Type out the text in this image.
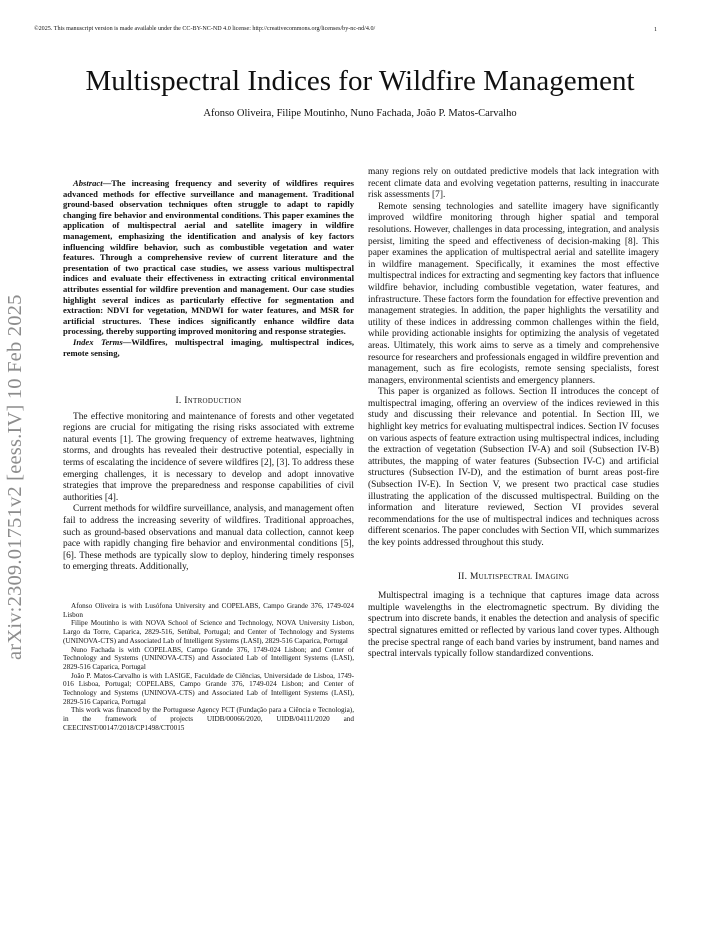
©2025. This manuscript version is made available under the CC-BY-NC-ND 4.0 license: http://creativecommons.org/licenses/by-nc-nd/4.0/	1
arXiv:2309.01751v2 [eess.IV] 10 Feb 2025
Multispectral Indices for Wildfire Management
Afonso Oliveira, Filipe Moutinho, Nuno Fachada, João P. Matos-Carvalho

Abstract—The increasing frequency and severity of wildfires requires advanced methods for effective surveillance and management. Traditional ground-based observation techniques often struggle to adapt to rapidly changing fire behavior and environmental conditions. This paper examines the application of multispectral aerial and satellite imagery in wildfire management, emphasizing the identification and analysis of key factors influencing wildfire behavior, such as combustible vegetation and water features. Through a comprehensive review of current literature and the presentation of two practical case studies, we assess various multispectral indices and evaluate their effectiveness in extracting critical environmental attributes essential for wildfire prevention and management. Our case studies highlight several indices as particularly effective for segmentation and extraction: NDVI for vegetation, MNDWI for water features, and MSR for artificial structures. These indices significantly enhance wildfire data processing, thereby supporting improved monitoring and response strategies.

Index Terms—Wildfires, multispectral imaging, multispectral indices, remote sensing,

I. Introduction

The effective monitoring and maintenance of forests and other vegetated regions are crucial for mitigating the rising risks associated with extreme natural events [1]. The growing frequency of extreme heatwaves, lightning storms, and droughts has revealed their destructive potential, especially in terms of escalating the incidence of severe wildfires [2], [3]. To address these emerging challenges, it is necessary to develop and adopt innovative strategies that improve the preparedness and response capabilities of civil authorities [4].

Current methods for wildfire surveillance, analysis, and management often fail to address the increasing severity of wildfires. Traditional approaches, such as ground-based observations and manual data collection, cannot keep pace with rapidly changing fire behavior and environmental conditions [5], [6]. These methods are typically slow to deploy, hindering timely responses to emerging threats. Additionally,

Afonso Oliveira is with Lusófona University and COPELABS, Campo Grande 376, 1749-024 Lisbon

Filipe Moutinho is with NOVA School of Science and Technology, NOVA University Lisbon, Largo da Torre, Caparica, 2829-516, Setúbal, Portugal; and Center of Technology and Systems (UNINOVA-CTS) and Associated Lab of Intelligent Systems (LASI), 2829-516 Caparica, Portugal

Nuno Fachada is with COPELABS, Campo Grande 376, 1749-024 Lisbon; and Center of Technology and Systems (UNINOVA-CTS) and Associated Lab of Intelligent Systems (LASI), 2829-516 Caparica, Portugal

João P. Matos-Carvalho is with LASIGE, Faculdade de Ciências, Universidade de Lisboa, 1749-016 Lisboa, Portugal; COPELABS, Campo Grande 376, 1749-024 Lisbon; and Center of Technology and Systems (UNINOVA-CTS) and Associated Lab of Intelligent Systems (LASI), 2829-516 Caparica, Portugal

This work was financed by the Portuguese Agency FCT (Fundação para a Ciência e Tecnologia), in the framework of projects UIDB/00066/2020, UIDB/04111/2020 and CEECINST/00147/2018/CP1498/CT0015

many regions rely on outdated predictive models that lack integration with recent climate data and evolving vegetation patterns, resulting in inaccurate risk assessments [7].

Remote sensing technologies and satellite imagery have significantly improved wildfire monitoring through higher spatial and temporal resolutions. However, challenges in data processing, integration, and analysis persist, limiting the speed and effectiveness of decision-making [8]. This paper examines the application of multispectral aerial and satellite imagery in wildfire management. Specifically, it examines the most effective multispectral indices for extracting and segmenting key factors that influence wildfire behavior, including combustible vegetation, water features, and infrastructure. These factors form the foundation for effective prevention and management strategies. In addition, the paper highlights the versatility and utility of these indices in addressing common challenges within the field, while providing actionable insights for optimizing the analysis of vegetated areas. Ultimately, this work aims to serve as a timely and comprehensive resource for researchers and professionals engaged in wildfire prevention and management, such as fire ecologists, remote sensing specialists, forest managers, environmental scientists and emergency planners.

This paper is organized as follows. Section II introduces the concept of multispectral imaging, offering an overview of the indices reviewed in this study and discussing their relevance and potential. In Section III, we highlight key metrics for evaluating multispectral indices. Section IV focuses on various aspects of feature extraction using multispectral indices, including the extraction of vegetation (Subsection IV-A) and soil (Subsection IV-B) attributes, the mapping of water features (Subsection IV-C) and artificial structures (Subsection IV-D), and the estimation of burnt areas post-fire (Subsection IV-E). In Section V, we present two practical case studies illustrating the application of the discussed multispectral. Building on the information and literature reviewed, Section VI provides several recommendations for the use of multispectral indices and techniques across different scenarios. The paper concludes with Section VII, which summarizes the key points addressed throughout this study.

II. Multispectral Imaging

Multispectral imaging is a technique that captures image data across multiple wavelengths in the electromagnetic spectrum. By dividing the spectrum into discrete bands, it enables the detection and analysis of specific spectral signatures emitted or reflected by various land cover types. Although the precise spectral range of each band varies by instrument, band names and spectral intervals typically follow standardized conventions.
